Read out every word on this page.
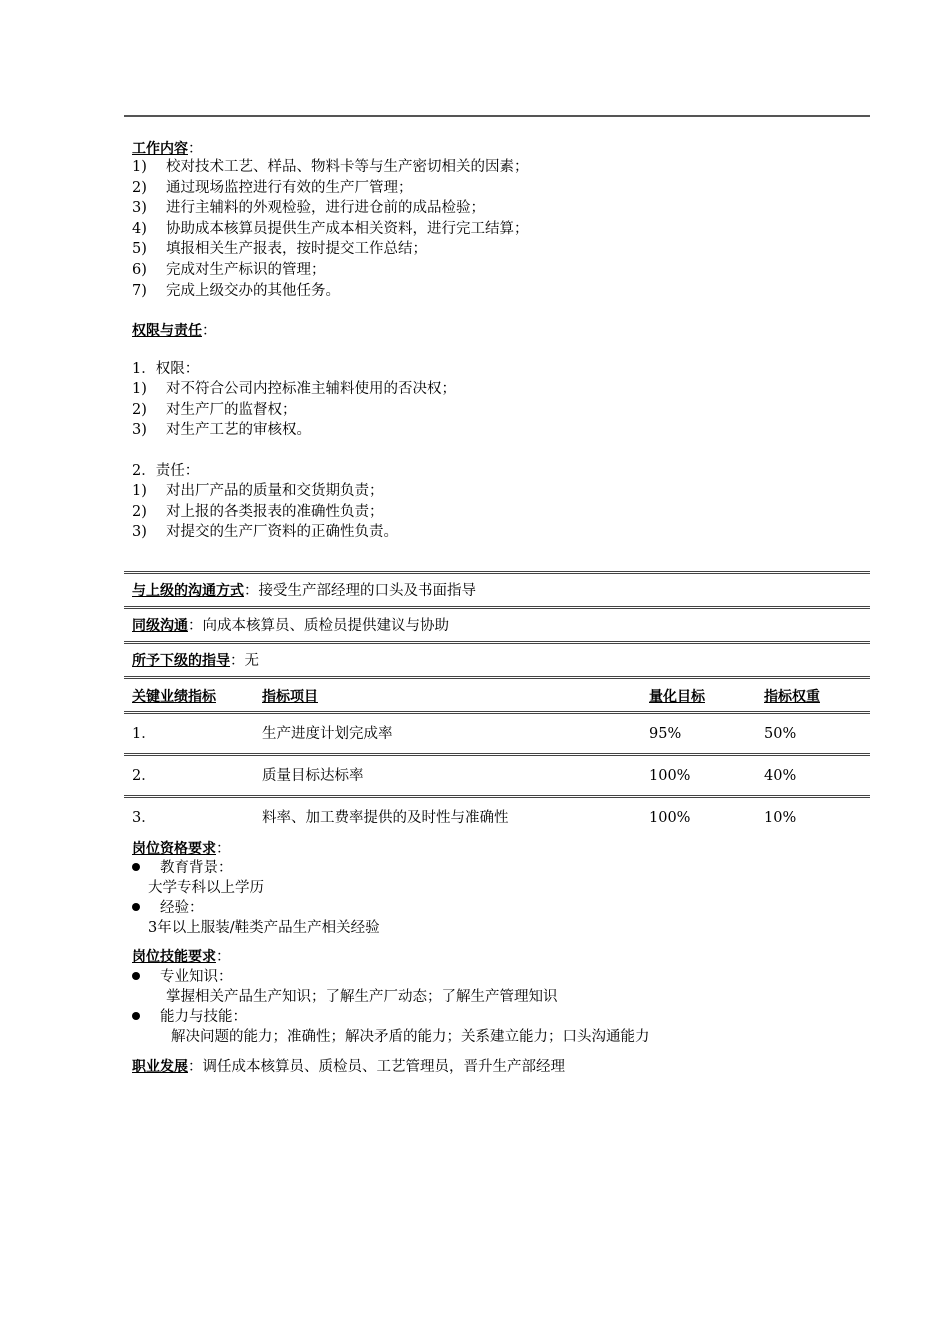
工作内容：
1) 校对技术工艺、样品、物料卡等与生产密切相关的因素；
2) 通过现场监控进行有效的生产厂管理；
3) 进行主辅料的外观检验，进行进仓前的成品检验；
4) 协助成本核算员提供生产成本相关资料，进行完工结算；
5) 填报相关生产报表，按时提交工作总结；
6) 完成对生产标识的管理；
7) 完成上级交办的其他任务。
权限与责任：
1．权限：
1) 对不符合公司内控标准主辅料使用的否决权；
2) 对生产厂的监督权；
3) 对生产工艺的审核权。
2．责任：
1) 对出厂产品的质量和交货期负责；
2) 对上报的各类报表的准确性负责；
3) 对提交的生产厂资料的正确性负责。
与上级的沟通方式：接受生产部经理的口头及书面指导
同级沟通：向成本核算员、质检员提供建议与协助
所予下级的指导：无
关键业绩指标	指标项目	量化目标	指标权重
1．	生产进度计划完成率	95%	50%
2．	质量目标达标率	100%	40%
3．	料率、加工费率提供的及时性与准确性	100%	10%
岗位资格要求：
教育背景：
大学专科以上学历
经验：
3年以上服装/鞋类产品生产相关经验
岗位技能要求：
专业知识：
掌握相关产品生产知识；了解生产厂动态；了解生产管理知识
能力与技能：
解决问题的能力；准确性；解决矛盾的能力；关系建立能力；口头沟通能力
职业发展：调任成本核算员、质检员、工艺管理员，晋升生产部经理
